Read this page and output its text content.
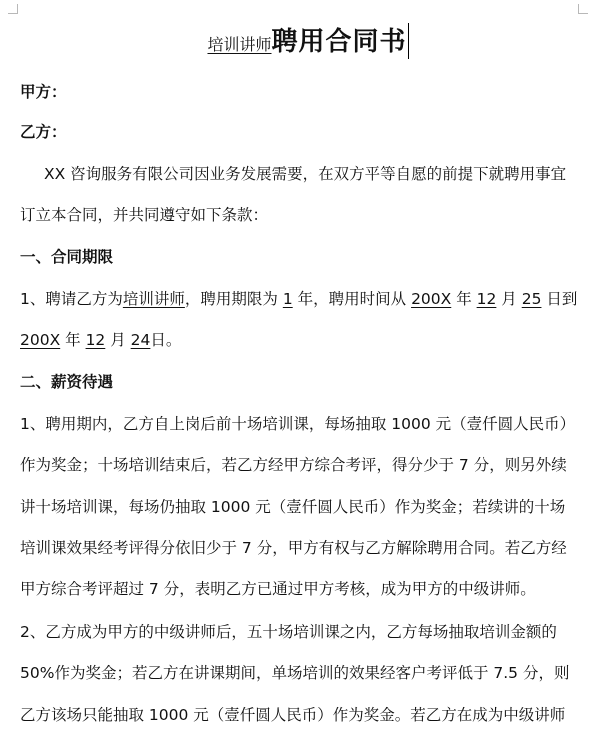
培训讲师聘用合同书
甲方：
乙方：
XX 咨询服务有限公司因业务发展需要，在双方平等自愿的前提下就聘用事宜
订立本合同，并共同遵守如下条款：
一、合同期限
1、聘请乙方为培训讲师，聘用期限为 1 年，聘用时间从 200X 年 12 月 25 日到
200X 年 12 月 24日。
二、薪资待遇
1、聘用期内，乙方自上岗后前十场培训课，每场抽取 1000 元（壹仟圆人民币）
作为奖金；十场培训结束后，若乙方经甲方综合考评，得分少于 7 分，则另外续
讲十场培训课，每场仍抽取 1000 元（壹仟圆人民币）作为奖金；若续讲的十场
培训课效果经考评得分依旧少于 7 分，甲方有权与乙方解除聘用合同。若乙方经
甲方综合考评超过 7 分，表明乙方已通过甲方考核，成为甲方的中级讲师。
2、乙方成为甲方的中级讲师后，五十场培训课之内，乙方每场抽取培训金额的
50%作为奖金；若乙方在讲课期间，单场培训的效果经客户考评低于 7.5 分，则
乙方该场只能抽取 1000 元（壹仟圆人民币）作为奖金。若乙方在成为中级讲师
